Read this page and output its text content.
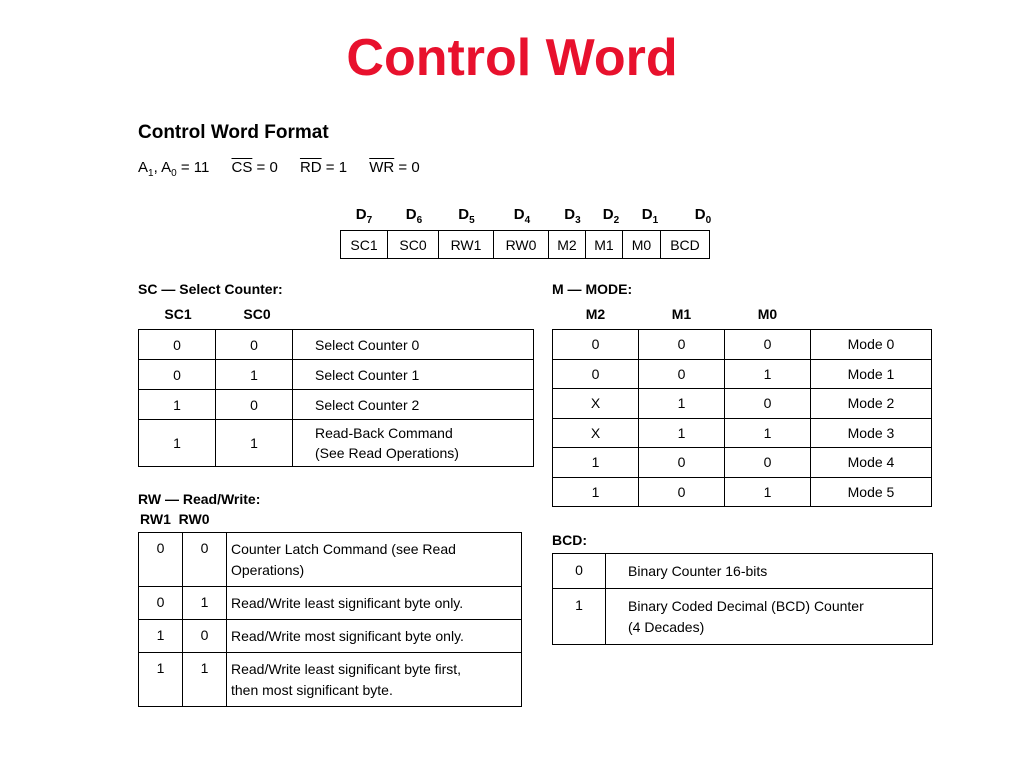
Control Word
Control Word Format
$A_1$, $A_0 = 11$ $\overline{CS} = 0$ $\overline{RD} = 1$ $\overline{WR} = 0$
$D_7$	$D_6$	$D_5$	$D_4$	$D_3$	$D_2$	$D_1$	$D_0$
SC1	SC0	RW1	RW0	M2	M1	M0	BCD
SC — Select Counter:
SC1	SC0
0	0	Select Counter 0
0	1	Select Counter 1
1	0	Select Counter 2
1	1	Read-Back Command
(See Read Operations)
RW — Read/Write:
RW1  RW0
0	0	Counter Latch Command (see Read
Operations)
0	1	Read/Write least significant byte only.
1	0	Read/Write most significant byte only.
1	1	Read/Write least significant byte first,
then most significant byte.
M — MODE:
M2	M1	M0
0	0	0	Mode 0
0	0	1	Mode 1
X	1	0	Mode 2
X	1	1	Mode 3
1	0	0	Mode 4
1	0	1	Mode 5
BCD:
0	Binary Counter 16-bits
1	Binary Coded Decimal (BCD) Counter
(4 Decades)
